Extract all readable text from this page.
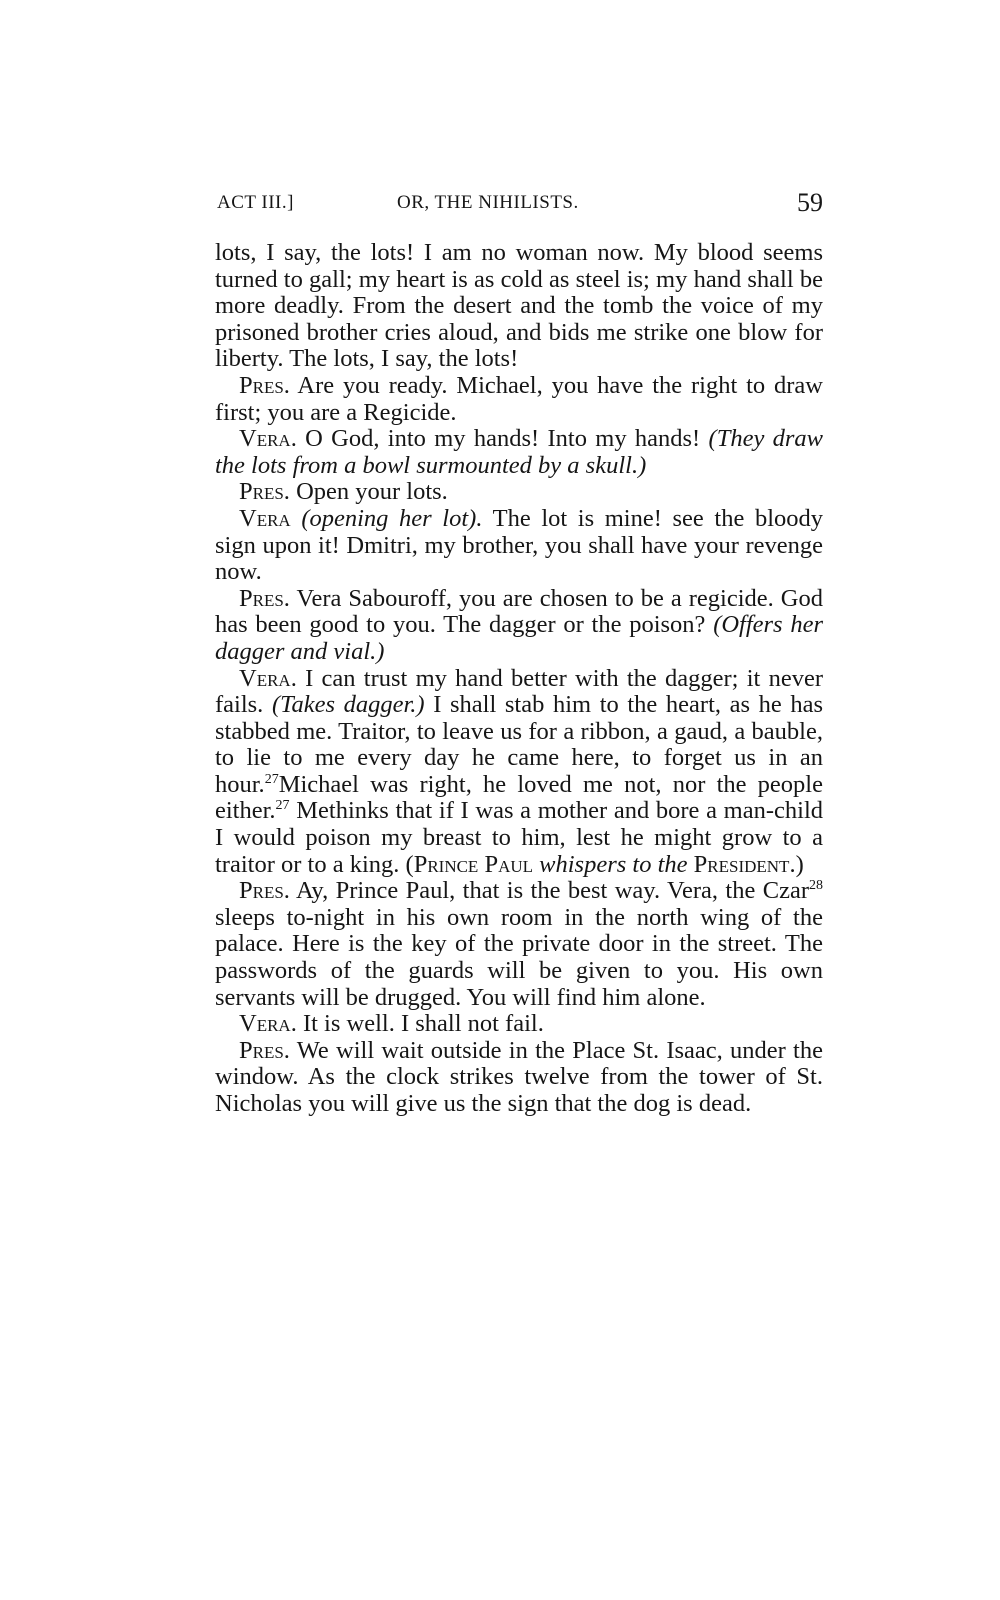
ACT III.]	OR, THE NIHILISTS.	59

lots, I say, the lots! I am no woman now. My blood seems turned to gall; my heart is as cold as steel is; my hand shall be more deadly. From the desert and the tomb the voice of my prisoned brother cries aloud, and bids me strike one blow for liberty. The lots, I say, the lots!

Pres. Are you ready. Michael, you have the right to draw first; you are a Regicide.

Vera. O God, into my hands! Into my hands! (They draw the lots from a bowl surmounted by a skull.)

Pres. Open your lots.

Vera (opening her lot). The lot is mine! see the bloody sign upon it! Dmitri, my brother, you shall have your revenge now.

Pres. Vera Sabouroff, you are chosen to be a regicide. God has been good to you. The dagger or the poison? (Offers her dagger and vial.)

Vera. I can trust my hand better with the dagger; it never fails. (Takes dagger.) I shall stab him to the heart, as he has stabbed me. Traitor, to leave us for a ribbon, a gaud, a bauble, to lie to me every day he came here, to forget us in an hour.$^{27}$Michael was right, he loved me not, nor the people either.$^{27}$ Methinks that if I was a mother and bore a man-child I would poison my breast to him, lest he might grow to a traitor or to a king. (Prince Paul whispers to the President.)

Pres. Ay, Prince Paul, that is the best way. Vera, the Czar$^{28}$ sleeps to-night in his own room in the north wing of the palace. Here is the key of the private door in the street. The passwords of the guards will be given to you. His own servants will be drugged. You will find him alone.

Vera. It is well. I shall not fail.

Pres. We will wait outside in the Place St. Isaac, under the window. As the clock strikes twelve from the tower of St. Nicholas you will give us the sign that the dog is dead.
